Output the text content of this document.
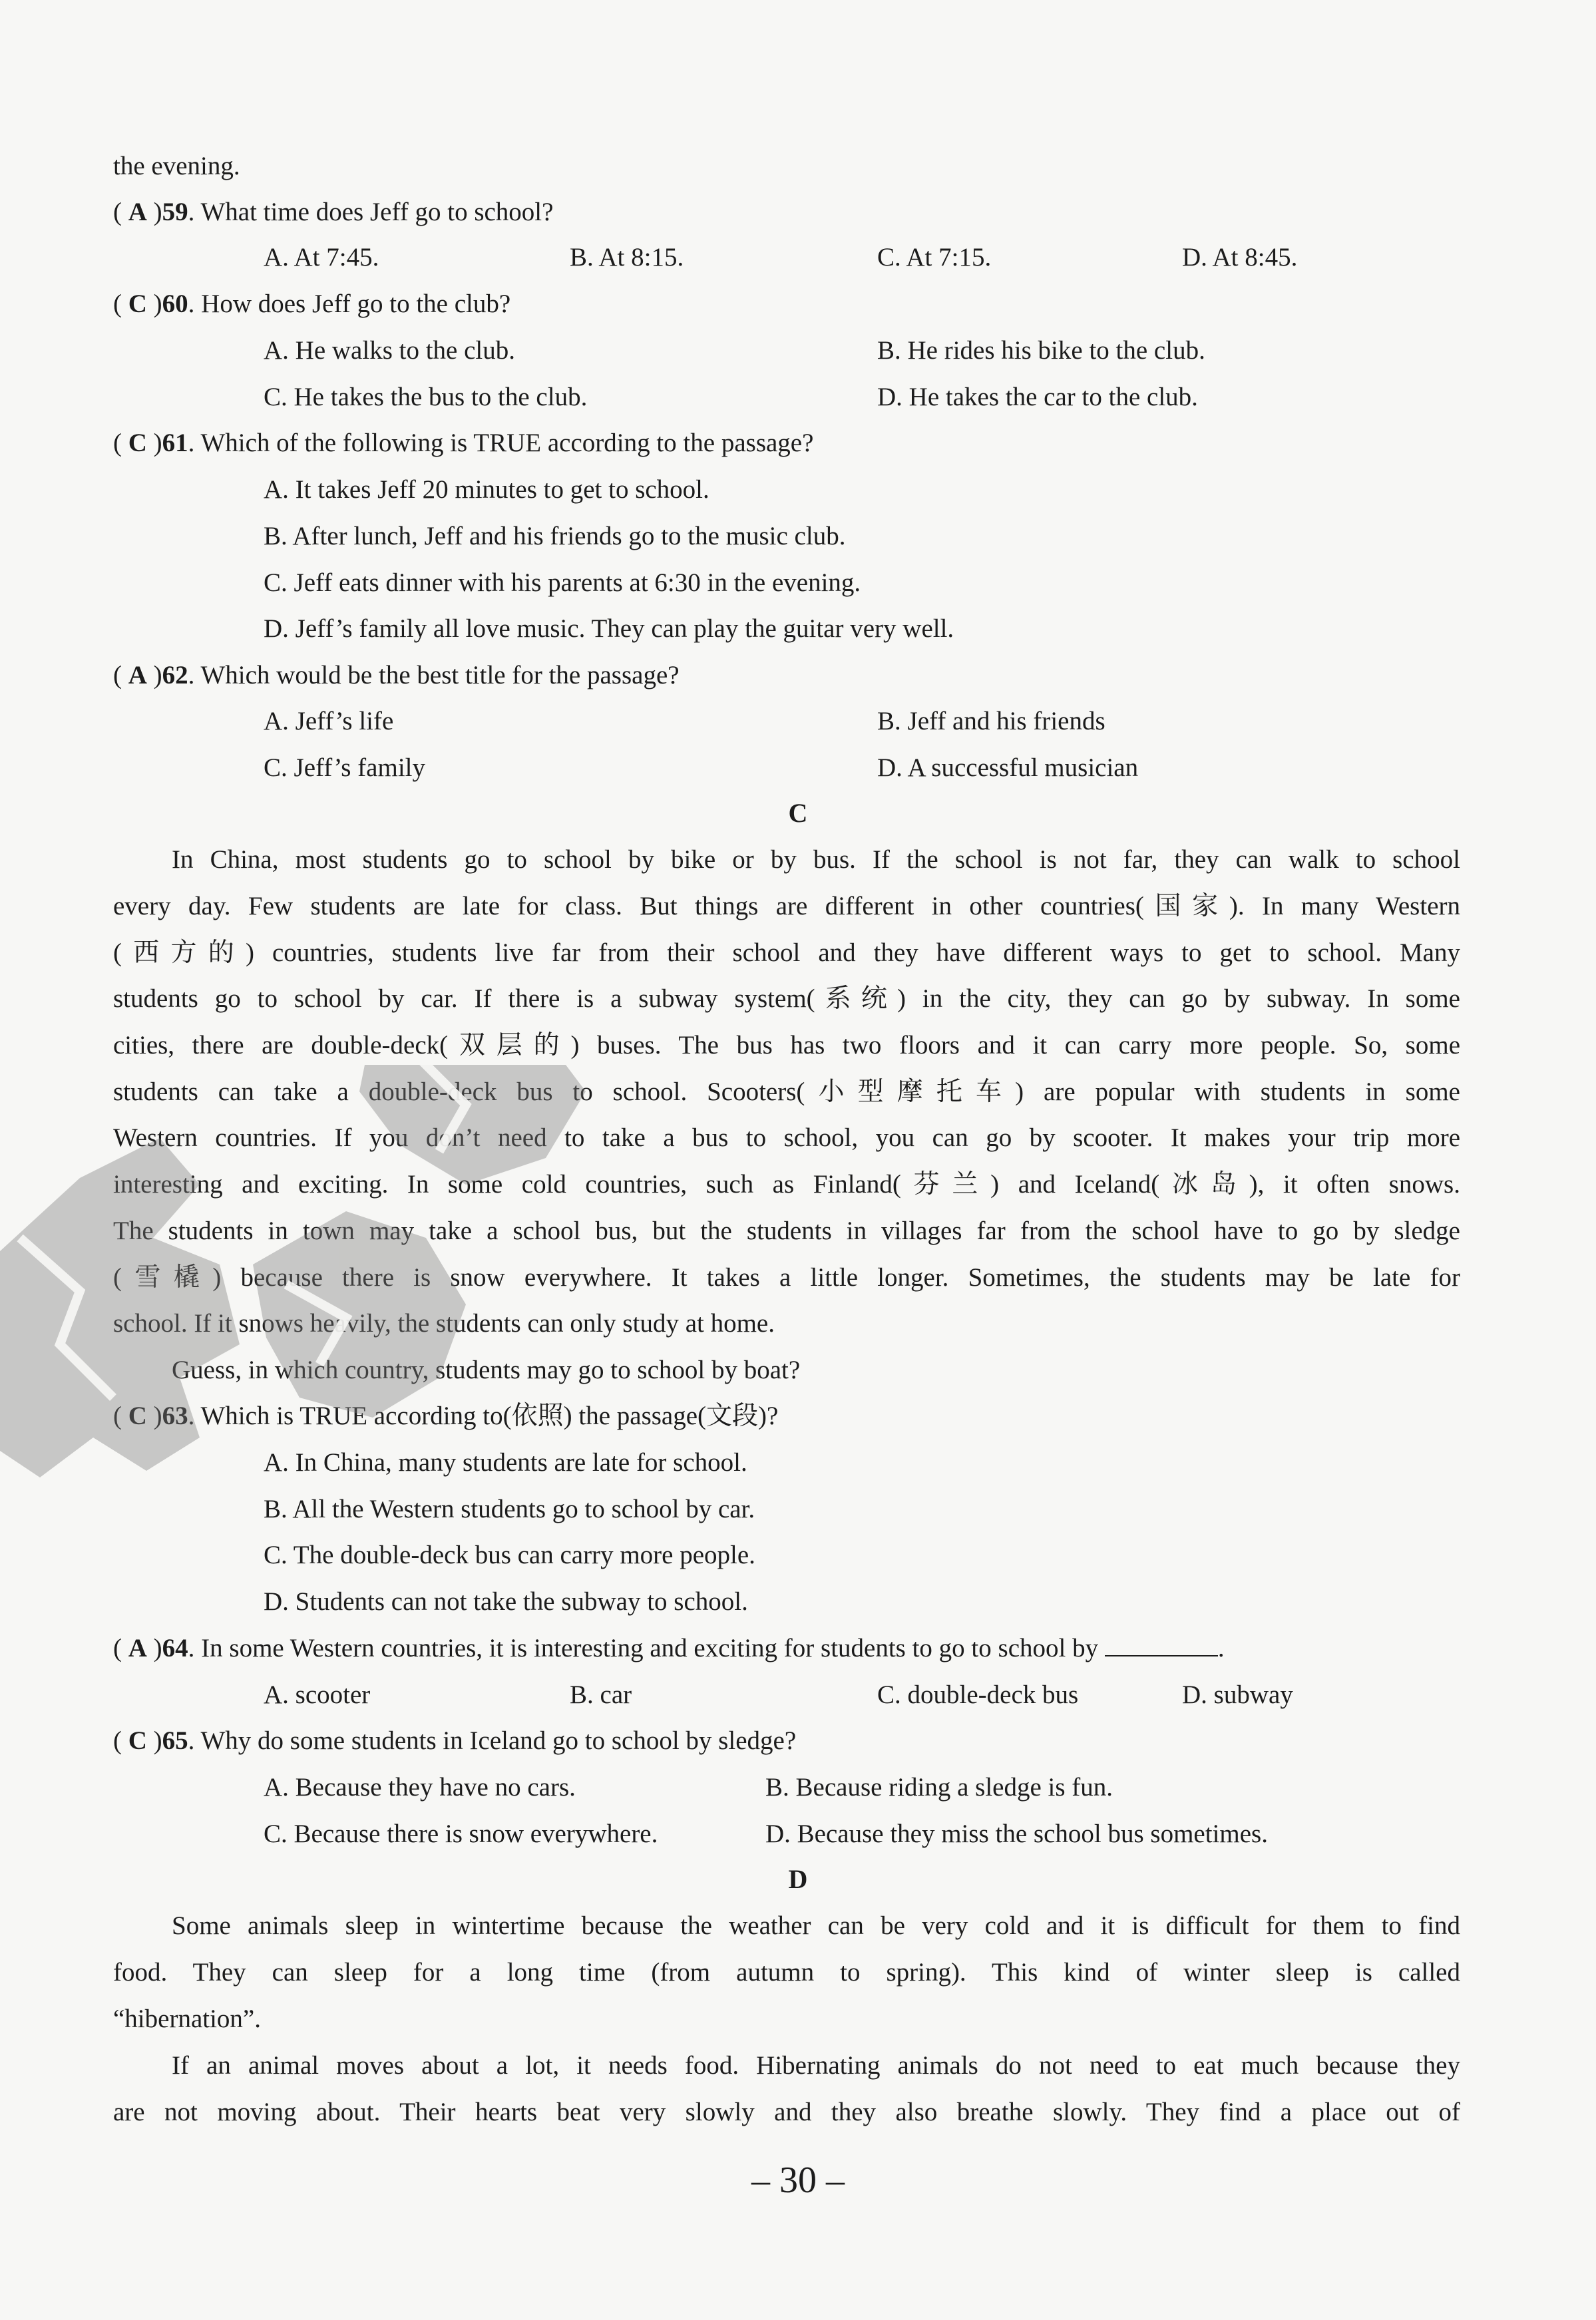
the evening.
( A )59. What time does Jeff go to school?
A. At 7:45.	B. At 8:15.	C. At 7:15.	D. At 8:45.
( C )60. How does Jeff go to the club?
A. He walks to the club.	B. He rides his bike to the club.
C. He takes the bus to the club.	D. He takes the car to the club.
( C )61. Which of the following is TRUE according to the passage?
A. It takes Jeff 20 minutes to get to school.
B. After lunch, Jeff and his friends go to the music club.
C. Jeff eats dinner with his parents at 6:30 in the evening.
D. Jeff’s family all love music. They can play the guitar very well.
( A )62. Which would be the best title for the passage?
A. Jeff’s life	B. Jeff and his friends
C. Jeff’s family	D. A successful musician
C
In China, most students go to school by bike or by bus. If the school is not far, they can walk to school
every day. Few students are late for class. But things are different in other countries(国家). In many Western
(西方的) countries, students live far from their school and they have different ways to get to school. Many
students go to school by car. If there is a subway system(系统) in the city, they can go by subway. In some
cities, there are double-deck(双层的) buses. The bus has two floors and it can carry more people. So, some
students can take a double-deck bus to school. Scooters(小型摩托车) are popular with students in some
Western countries. If you don’t need to take a bus to school, you can go by scooter. It makes your trip more
interesting and exciting. In some cold countries, such as Finland(芬兰) and Iceland(冰岛), it often snows.
The students in town may take a school bus, but the students in villages far from the school have to go by sledge
(雪橇) because there is snow everywhere. It takes a little longer. Sometimes, the students may be late for
school. If it snows heavily, the students can only study at home.
Guess, in which country, students may go to school by boat?
( C )63. Which is TRUE according to(依照) the passage(文段)?
A. In China, many students are late for school.
B. All the Western students go to school by car.
C. The double-deck bus can carry more people.
D. Students can not take the subway to school.
( A )64. In some Western countries, it is interesting and exciting for students to go to school by	.
A. scooter	B. car	C. double-deck bus	D. subway
( C )65. Why do some students in Iceland go to school by sledge?
A. Because they have no cars.	B. Because riding a sledge is fun.
C. Because there is snow everywhere.	D. Because they miss the school bus sometimes.
D
Some animals sleep in wintertime because the weather can be very cold and it is difficult for them to find
food. They can sleep for a long time (from autumn to spring). This kind of winter sleep is called
“hibernation”.
If an animal moves about a lot, it needs food. Hibernating animals do not need to eat much because they
are not moving about. Their hearts beat very slowly and they also breathe slowly. They find a place out of
– 30 –
